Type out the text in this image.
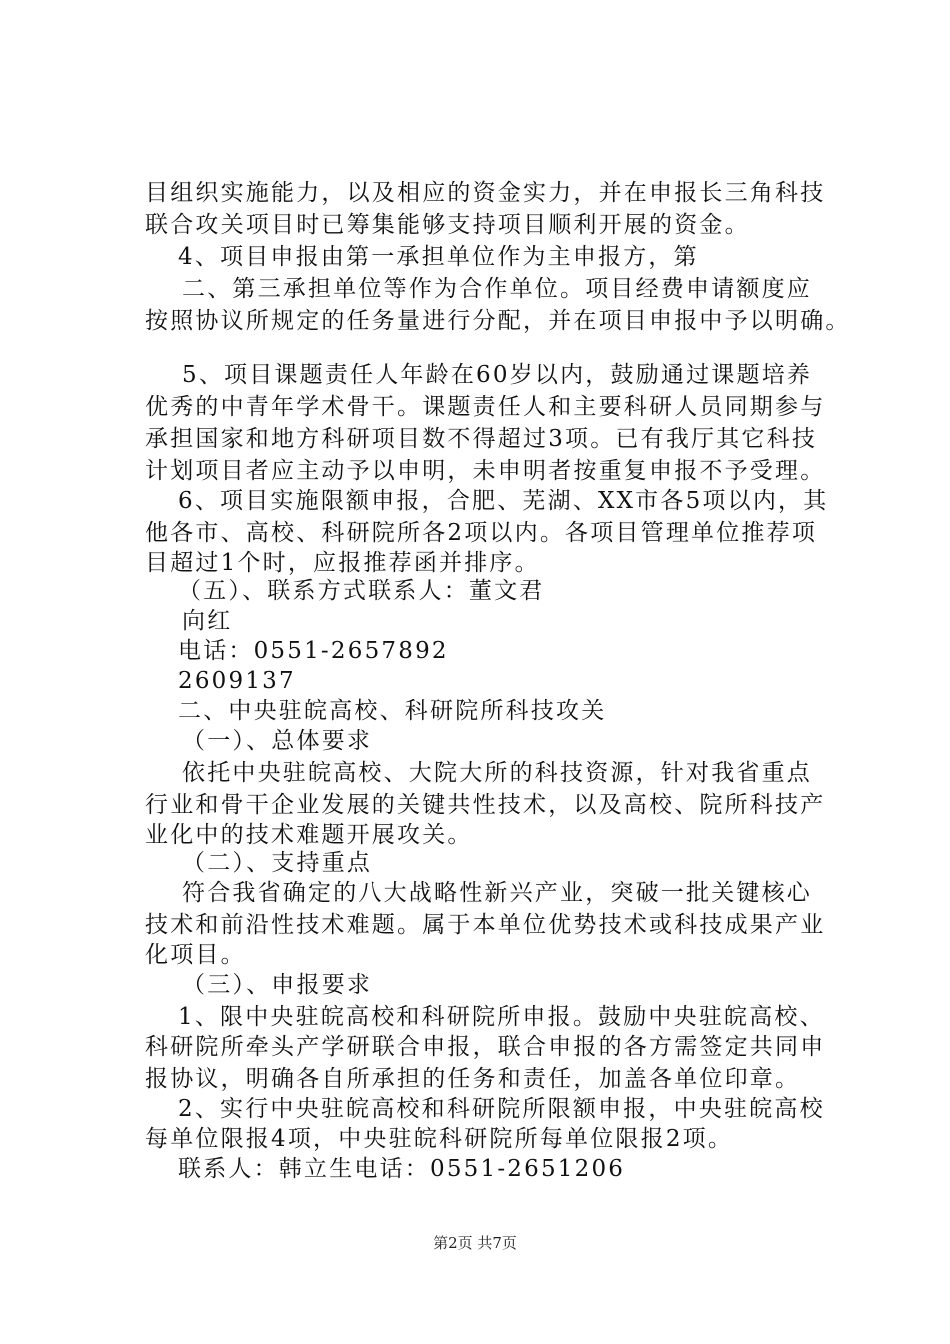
目组织实施能力，以及相应的资金实力，并在申报长三角科技
联合攻关项目时已筹集能够支持项目顺利开展的资金。
4、项目申报由第一承担单位作为主申报方，第
二、第三承担单位等作为合作单位。项目经费申请额度应
按照协议所规定的任务量进行分配，并在项目申报中予以明确。
5、项目课题责任人年龄在60岁以内，鼓励通过课题培养
优秀的中青年学术骨干。课题责任人和主要科研人员同期参与
承担国家和地方科研项目数不得超过3项。已有我厅其它科技
计划项目者应主动予以申明，未申明者按重复申报不予受理。
6、项目实施限额申报，合肥、芜湖、XX市各5项以内，其
他各市、高校、科研院所各2项以内。各项目管理单位推荐项
目超过1个时，应报推荐函并排序。
（五）、联系方式联系人：董文君
向红
电话：0551-2657892
2609137
二、中央驻皖高校、科研院所科技攻关
（一）、总体要求
依托中央驻皖高校、大院大所的科技资源，针对我省重点
行业和骨干企业发展的关键共性技术，以及高校、院所科技产
业化中的技术难题开展攻关。
（二）、支持重点
符合我省确定的八大战略性新兴产业，突破一批关键核心
技术和前沿性技术难题。属于本单位优势技术或科技成果产业
化项目。
（三）、申报要求
1、限中央驻皖高校和科研院所申报。鼓励中央驻皖高校、
科研院所牵头产学研联合申报，联合申报的各方需签定共同申
报协议，明确各自所承担的任务和责任，加盖各单位印章。
2、实行中央驻皖高校和科研院所限额申报，中央驻皖高校
每单位限报4项，中央驻皖科研院所每单位限报2项。
联系人：韩立生电话：0551-2651206
第2页 共7页
